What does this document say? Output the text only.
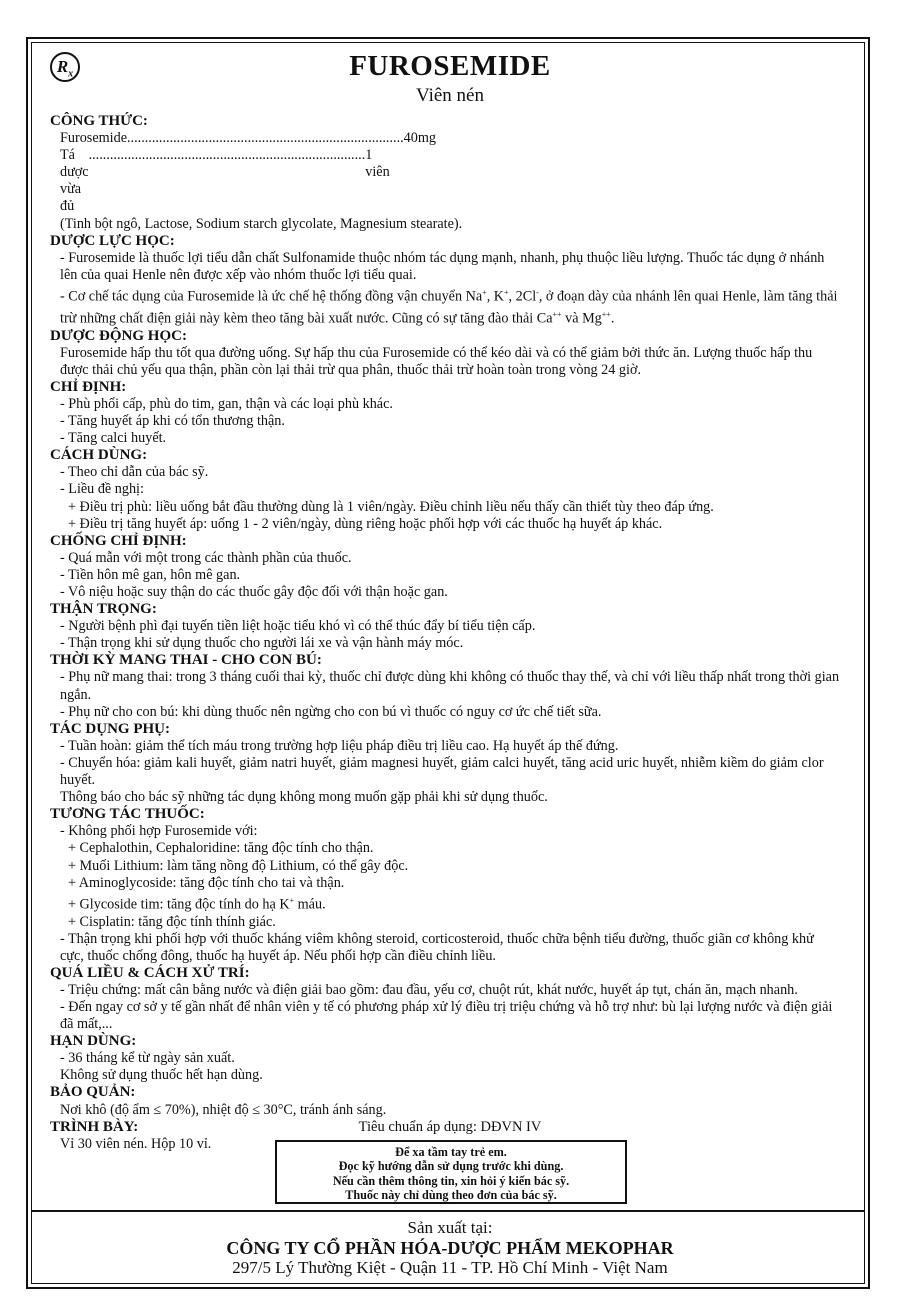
$R_x$	FUROSEMIDE
Viên nén
CÔNG THỨC:
Furosemide .............................................................................. 40mg
Tá dược vừa đủ
.............................................................................. 1 viên
(Tinh bột ngô, Lactose, Sodium starch glycolate, Magnesium stearate).
DƯỢC LỰC HỌC:
- Furosemide là thuốc lợi tiểu dẫn chất Sulfonamide thuộc nhóm tác dụng mạnh, nhanh, phụ thuộc liều lượng. Thuốc tác dụng ở nhánh lên của quai Henle nên được xếp vào nhóm thuốc lợi tiểu quai.
- Cơ chế tác dụng của Furosemide là ức chế hệ thống đồng vận chuyển Na+, K+, 2Cl-, ở đoạn dày của nhánh lên quai Henle, làm tăng thải trừ những chất điện giải này kèm theo tăng bài xuất nước. Cũng có sự tăng đào thải Ca++ và Mg++.
DƯỢC ĐỘNG HỌC:
Furosemide hấp thu tốt qua đường uống. Sự hấp thu của Furosemide có thể kéo dài và có thể giảm bởi thức ăn. Lượng thuốc hấp thu được thải chủ yếu qua thận, phần còn lại thải trừ qua phân, thuốc thải trừ hoàn toàn trong vòng 24 giờ.
CHỈ ĐỊNH:
- Phù phổi cấp, phù do tim, gan, thận và các loại phù khác.
- Tăng huyết áp khi có tổn thương thận.
- Tăng calci huyết.
CÁCH DÙNG:
- Theo chỉ dẫn của bác sỹ.
- Liều đề nghị:
+ Điều trị phù: liều uống bắt đầu thường dùng là 1 viên/ngày. Điều chỉnh liều nếu thấy cần thiết tùy theo đáp ứng.
+ Điều trị tăng huyết áp: uống 1 - 2 viên/ngày, dùng riêng hoặc phối hợp với các thuốc hạ huyết áp khác.
CHỐNG CHỈ ĐỊNH:
- Quá mẫn với một trong các thành phần của thuốc.
- Tiền hôn mê gan, hôn mê gan.
- Vô niệu hoặc suy thận do các thuốc gây độc đối với thận hoặc gan.
THẬN TRỌNG:
- Người bệnh phì đại tuyến tiền liệt hoặc tiểu khó vì có thể thúc đẩy bí tiểu tiện cấp.
- Thận trọng khi sử dụng thuốc cho người lái xe và vận hành máy móc.
THỜI KỲ MANG THAI - CHO CON BÚ:
- Phụ nữ mang thai: trong 3 tháng cuối thai kỳ, thuốc chỉ được dùng khi không có thuốc thay thế, và chỉ với liều thấp nhất trong thời gian ngắn.
- Phụ nữ cho con bú: khi dùng thuốc nên ngừng cho con bú vì thuốc có nguy cơ ức chế tiết sữa.
TÁC DỤNG PHỤ:
- Tuần hoàn: giảm thể tích máu trong trường hợp liệu pháp điều trị liều cao. Hạ huyết áp thế đứng.
- Chuyển hóa: giảm kali huyết, giảm natri huyết, giảm magnesi huyết, giảm calci huyết, tăng acid uric huyết, nhiễm kiềm do giảm clor huyết.
Thông báo cho bác sỹ những tác dụng không mong muốn gặp phải khi sử dụng thuốc.
TƯƠNG TÁC THUỐC:
- Không phối hợp Furosemide với:
+ Cephalothin, Cephaloridine: tăng độc tính cho thận.
+ Muối Lithium: làm tăng nồng độ Lithium, có thể gây độc.
+ Aminoglycoside: tăng độc tính cho tai và thận.
+ Glycoside tim: tăng độc tính do hạ K+ máu.
+ Cisplatin: tăng độc tính thính giác.
- Thận trọng khi phối hợp với thuốc kháng viêm không steroid, corticosteroid, thuốc chữa bệnh tiểu đường, thuốc giãn cơ không khử cực, thuốc chống đông, thuốc hạ huyết áp. Nếu phối hợp cần điều chỉnh liều.
QUÁ LIỀU & CÁCH XỬ TRÍ:
- Triệu chứng: mất cân bằng nước và điện giải bao gồm: đau đầu, yếu cơ, chuột rút, khát nước, huyết áp tụt, chán ăn, mạch nhanh.
- Đến ngay cơ sở y tế gần nhất để nhân viên y tế có phương pháp xử lý điều trị triệu chứng và hỗ trợ như: bù lại lượng nước và điện giải đã mất,...
HẠN DÙNG:
- 36 tháng kể từ ngày sản xuất.
Không sử dụng thuốc hết hạn dùng.
BẢO QUẢN:
Nơi khô (độ ẩm ≤ 70%), nhiệt độ ≤ 30°C, tránh ánh sáng.
TRÌNH BÀY:
Vỉ 30 viên nén. Hộp 10 vỉ.
Tiêu chuẩn áp dụng: DĐVN IV
Để xa tầm tay trẻ em.
Đọc kỹ hướng dẫn sử dụng trước khi dùng.
Nếu cần thêm thông tin, xin hỏi ý kiến bác sỹ.
Thuốc này chỉ dùng theo đơn của bác sỹ.
Sản xuất tại:
CÔNG TY CỔ PHẦN HÓA-DƯỢC PHẨM MEKOPHAR
297/5 Lý Thường Kiệt - Quận 11 - TP. Hồ Chí Minh - Việt Nam
